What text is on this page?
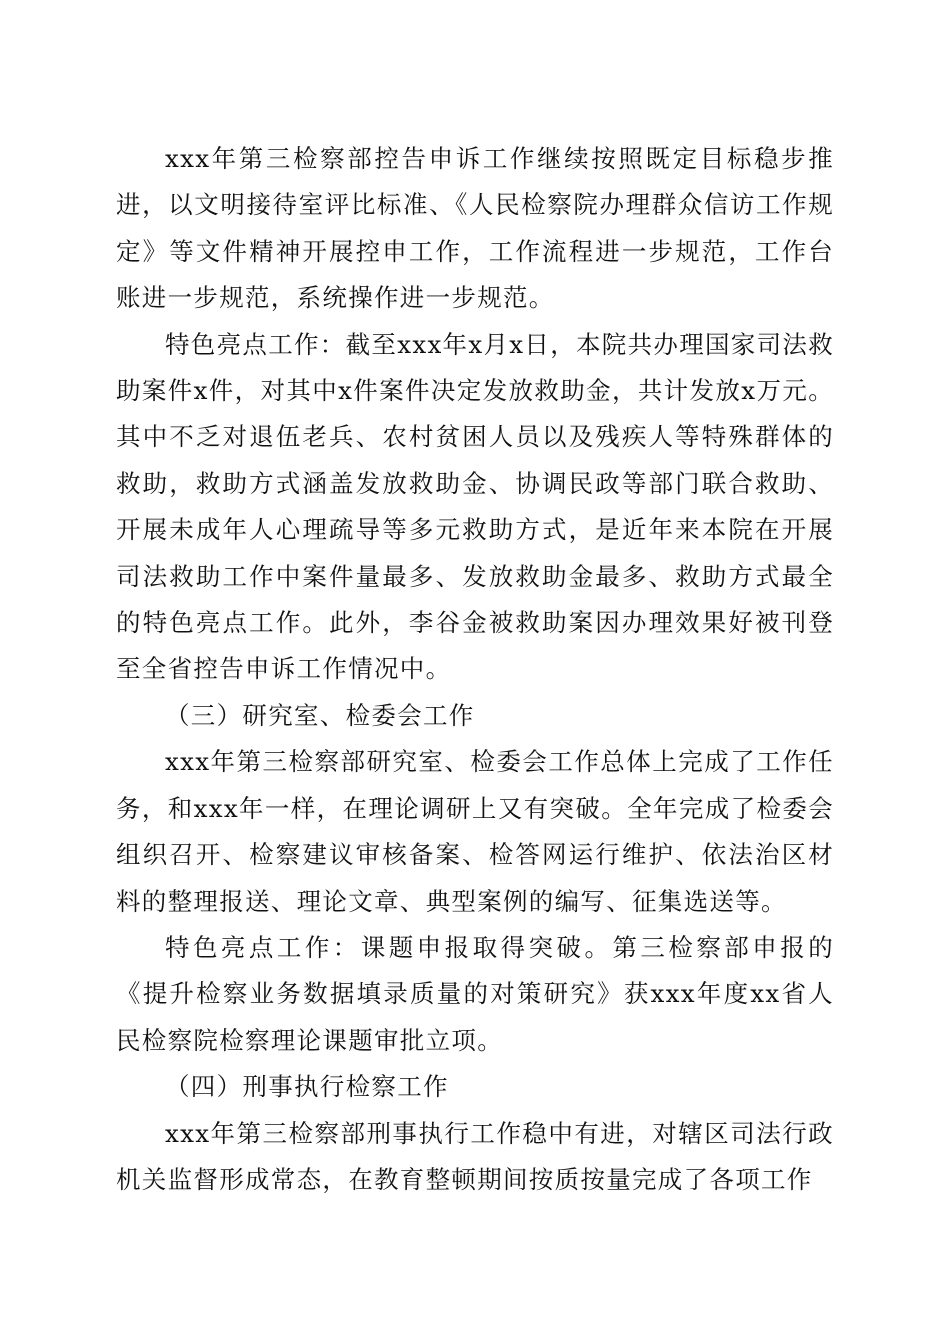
xxx年第三检察部控告申诉工作继续按照既定目标稳步推进，以文明接待室评比标准、《人民检察院办理群众信访工作规定》等文件精神开展控申工作，工作流程进一步规范，工作台账进一步规范，系统操作进一步规范。

特色亮点工作：截至xxx年x月x日，本院共办理国家司法救助案件x件，对其中x件案件决定发放救助金，共计发放x万元。其中不乏对退伍老兵、农村贫困人员以及残疾人等特殊群体的救助，救助方式涵盖发放救助金、协调民政等部门联合救助、开展未成年人心理疏导等多元救助方式，是近年来本院在开展司法救助工作中案件量最多、发放救助金最多、救助方式最全的特色亮点工作。此外，李谷金被救助案因办理效果好被刊登至全省控告申诉工作情况中。

（三）研究室、检委会工作

xxx年第三检察部研究室、检委会工作总体上完成了工作任务，和xxx年一样，在理论调研上又有突破。全年完成了检委会组织召开、检察建议审核备案、检答网运行维护、依法治区材料的整理报送、理论文章、典型案例的编写、征集选送等。

特色亮点工作：课题申报取得突破。第三检察部申报的《提升检察业务数据填录质量的对策研究》获xxx年度xx省人民检察院检察理论课题审批立项。

（四）刑事执行检察工作

xxx年第三检察部刑事执行工作稳中有进，对辖区司法行政机关监督形成常态，在教育整顿期间按质按量完成了各项工作
